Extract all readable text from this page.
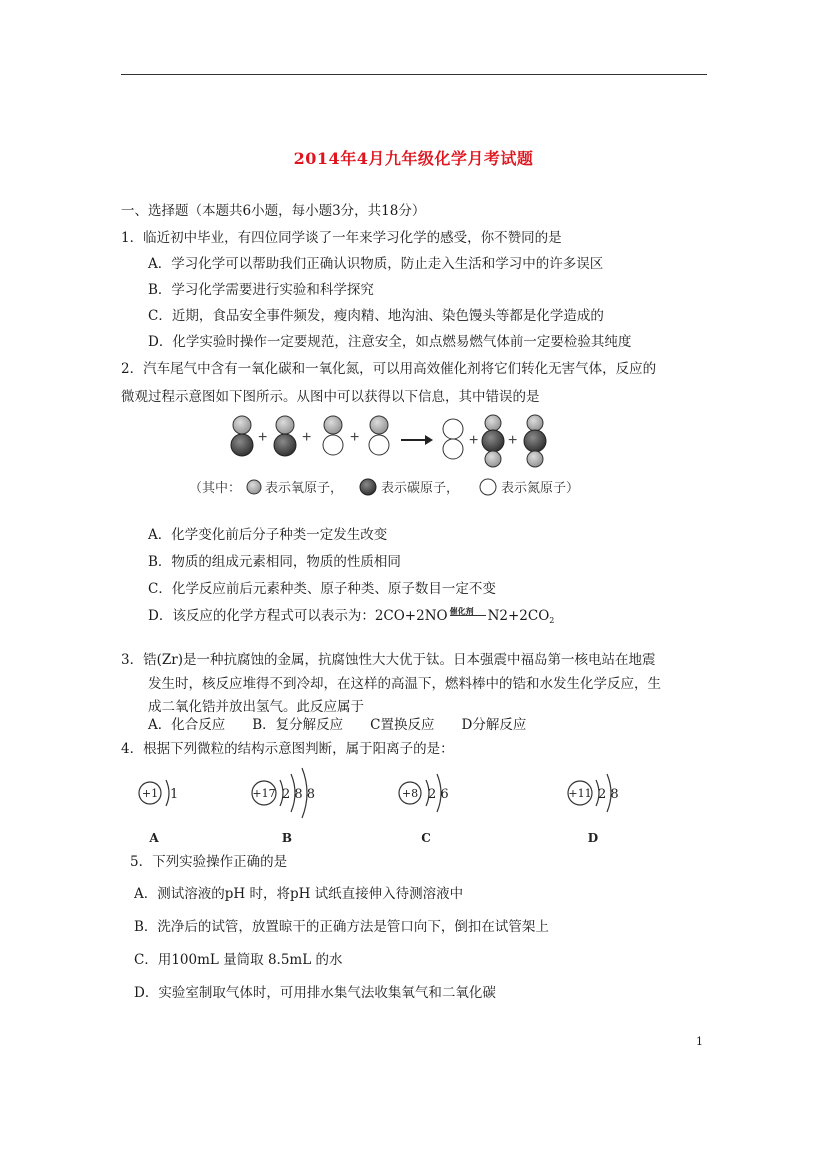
2014年4月九年级化学月考试题
一、选择题（本题共6小题，每小题3分，共18分）
1．临近初中毕业，有四位同学谈了一年来学习化学的感受，你不赞同的是
A．学习化学可以帮助我们正确认识物质，防止走入生活和学习中的许多误区
B．学习化学需要进行实验和科学探究
C．近期，食品安全事件频发，瘦肉精、地沟油、染色馒头等都是化学造成的
D．化学实验时操作一定要规范，注意安全，如点燃易燃气体前一定要检验其纯度
2．汽车尾气中含有一氧化碳和一氧化氮，可以用高效催化剂将它们转化无害气体，反应的
微观过程示意图如下图所示。从图中可以获得以下信息，其中错误的是
+ + +	+ +
（其中： 表示氧原子，	表示碳原子，	表示氮原子）
A．化学变化前后分子种类一定发生改变
B．物质的组成元素相同，物质的性质相同
C．化学反应前后元素种类、原子种类、原子数目一定不变
D．该反应的化学方程式可以表示为：2CO+2NO 催化剂 $N2+2CO_2$
3．锆(Zr)是一种抗腐蚀的金属，抗腐蚀性大大优于钛。日本强震中福岛第一核电站在地震
发生时，核反应堆得不到冷却，在这样的高温下，燃料棒中的锆和水发生化学反应，生
成二氧化锆并放出氢气。此反应属于
A．化合反应　　B．复分解反应　　C置换反应　　D分解反应
4．根据下列微粒的结构示意图判断，属于阳离子的是：
+1 1
A
+17 2 8 8
B
+8 2 6
C
+11 2 8
D
5．下列实验操作正确的是
A．测试溶液的pH 时，将pH 试纸直接伸入待测溶液中
B．洗净后的试管，放置晾干的正确方法是管口向下，倒扣在试管架上
C．用100mL 量筒取 8.5mL 的水
D．实验室制取气体时，可用排水集气法收集氧气和二氧化碳
1
